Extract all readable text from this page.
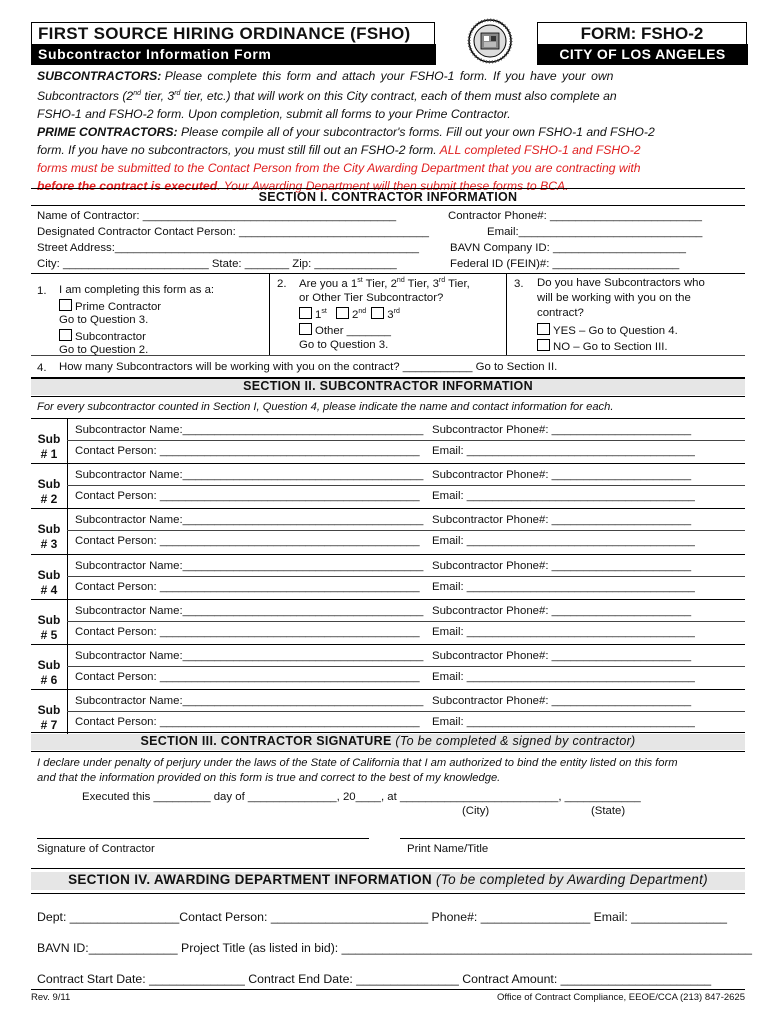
FIRST SOURCE HIRING ORDINANCE (FSHO)
Subcontractor Information Form
FORM: FSHO-2
CITY OF LOS ANGELES
SUBCONTRACTORS: Please complete this form and attach your FSHO-1 form. If you have your own
Subcontractors (2nd tier, 3rd tier, etc.) that will work on this City contract, each of them must also complete an
FSHO-1 and FSHO-2 form. Upon completion, submit all forms to your Prime Contractor.
PRIME CONTRACTORS: Please compile all of your subcontractor's forms. Fill out your own FSHO-1 and FSHO-2
form. If you have no subcontractors, you must still fill out an FSHO-2 form. ALL completed FSHO-1 and FSHO-2
forms must be submitted to the Contact Person from the City Awarding Department that you are contracting with
before the contract is executed. Your Awarding Department will then submit these forms to BCA.
SECTION I. CONTRACTOR INFORMATION
Name of Contractor: ________________________________________	Contractor Phone#: ________________________
Designated Contractor Contact Person: ______________________________	Email:_____________________________
Street Address:________________________________________________	BAVN Company ID: _____________________
City: _______________________ State: _______ Zip: _____________	Federal ID (FEIN)#: ____________________
1. I am completing this form as a:
Prime Contractor
Go to Question 3.
Subcontractor
Go to Question 2.
2. Are you a 1st Tier, 2nd Tier, 3rd Tier,
or Other Tier Subcontractor?
1st 2nd 3rd
Other _______
Go to Question 3.
3. Do you have Subcontractors who
will be working with you on the
contract?
YES – Go to Question 4.
NO – Go to Section III.
4. How many Subcontractors will be working with you on the contract? ___________ Go to Section II.
SECTION II. SUBCONTRACTOR INFORMATION
For every subcontractor counted in Section I, Question 4, please indicate the name and contact information for each.
Sub
# 1
Subcontractor Name:______________________________________ Subcontractor Phone#: ______________________
Contact Person: _________________________________________ Email: ____________________________________
Sub
# 2
Subcontractor Name:______________________________________ Subcontractor Phone#: ______________________
Contact Person: _________________________________________ Email: ____________________________________
Sub
# 3
Subcontractor Name:______________________________________ Subcontractor Phone#: ______________________
Contact Person: _________________________________________ Email: ____________________________________
Sub
# 4
Subcontractor Name:______________________________________ Subcontractor Phone#: ______________________
Contact Person: _________________________________________ Email: ____________________________________
Sub
# 5
Subcontractor Name:______________________________________ Subcontractor Phone#: ______________________
Contact Person: _________________________________________ Email: ____________________________________
Sub
# 6
Subcontractor Name:______________________________________ Subcontractor Phone#: ______________________
Contact Person: _________________________________________ Email: ____________________________________
Sub
# 7
Subcontractor Name:______________________________________ Subcontractor Phone#: ______________________
Contact Person: _________________________________________ Email: ____________________________________
SECTION III. CONTRACTOR SIGNATURE (To be completed & signed by contractor)
I declare under penalty of perjury under the laws of the State of California that I am authorized to bind the entity listed on this form
and that the information provided on this form is true and correct to the best of my knowledge.
Executed this _________ day of ______________, 20____, at _________________________, ____________
(City)	(State)
Signature of Contractor	Print Name/Title
SECTION IV. AWARDING DEPARTMENT INFORMATION (To be completed by Awarding Department)
Dept: ________________Contact Person: _______________________ Phone#: ________________ Email: ______________
BAVN ID:_____________ Project Title (as listed in bid): ____________________________________________________________
Contract Start Date: ______________ Contract End Date: _______________ Contract Amount: ______________________
Rev. 9/11	Office of Contract Compliance, EEOE/CCA (213) 847-2625
